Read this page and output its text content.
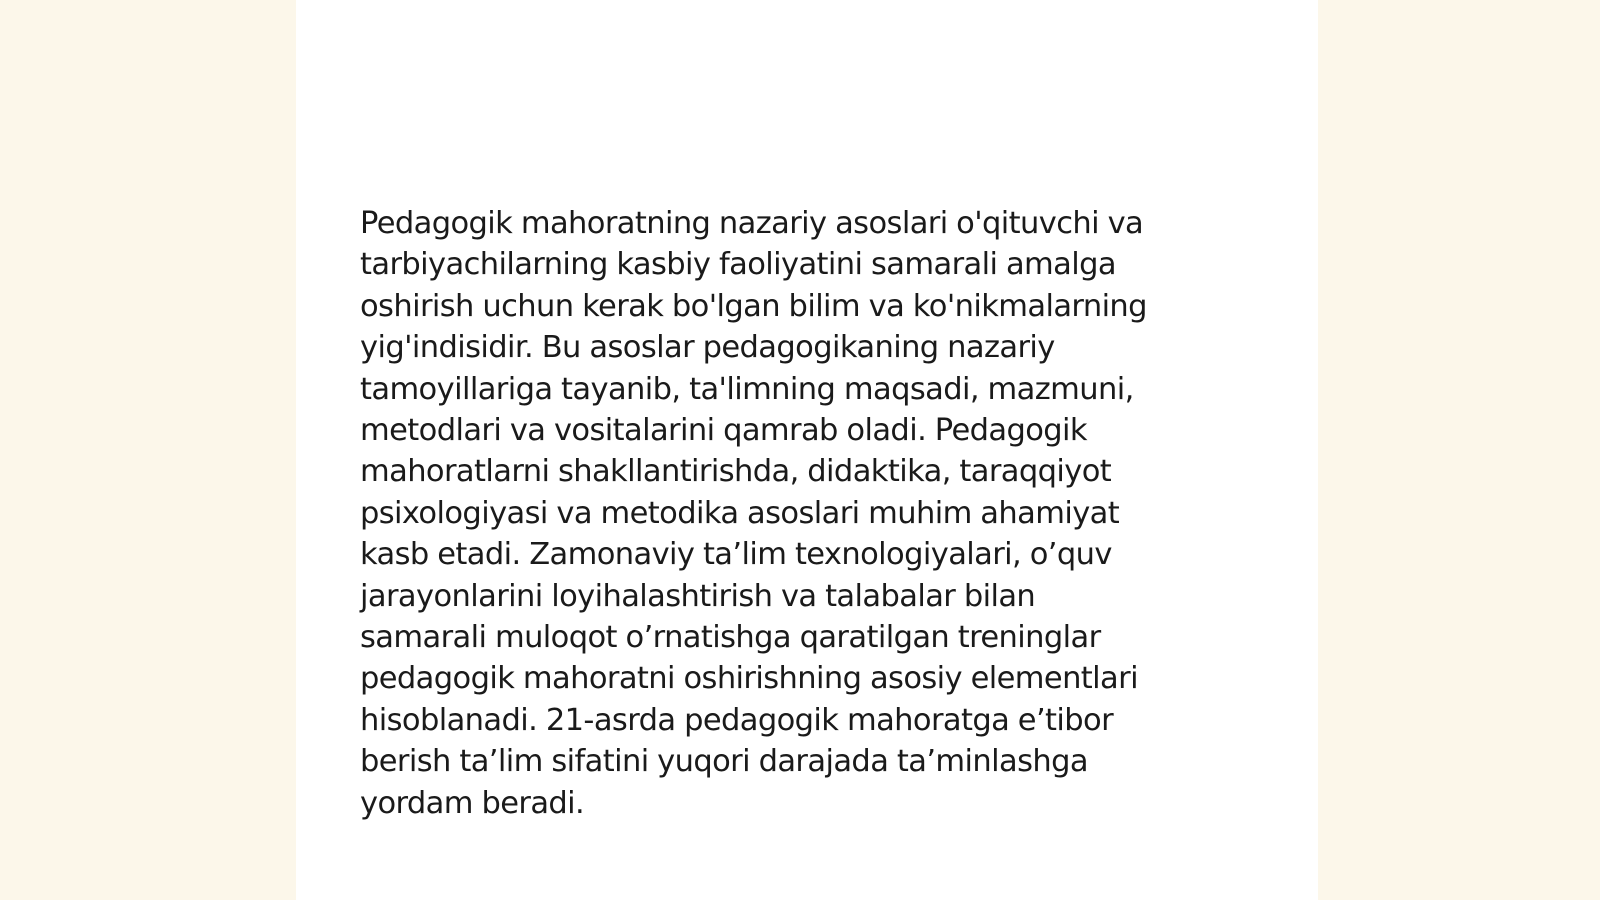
Pedagogik mahoratning nazariy asoslari o'qituvchi va
tarbiyachilarning kasbiy faoliyatini samarali amalga
oshirish uchun kerak bo'lgan bilim va ko'nikmalarning
yig'indisidir. Bu asoslar pedagogikaning nazariy
tamoyillariga tayanib, ta'limning maqsadi, mazmuni,
metodlari va vositalarini qamrab oladi. Pedagogik
mahoratlarni shakllantirishda, didaktika, taraqqiyot
psixologiyasi va metodika asoslari muhim ahamiyat
kasb etadi. Zamonaviy ta’lim texnologiyalari, o’quv
jarayonlarini loyihalashtirish va talabalar bilan
samarali muloqot o’rnatishga qaratilgan treninglar
pedagogik mahoratni oshirishning asosiy elementlari
hisoblanadi. 21-asrda pedagogik mahoratga e’tibor
berish ta’lim sifatini yuqori darajada ta’minlashga
yordam beradi.
